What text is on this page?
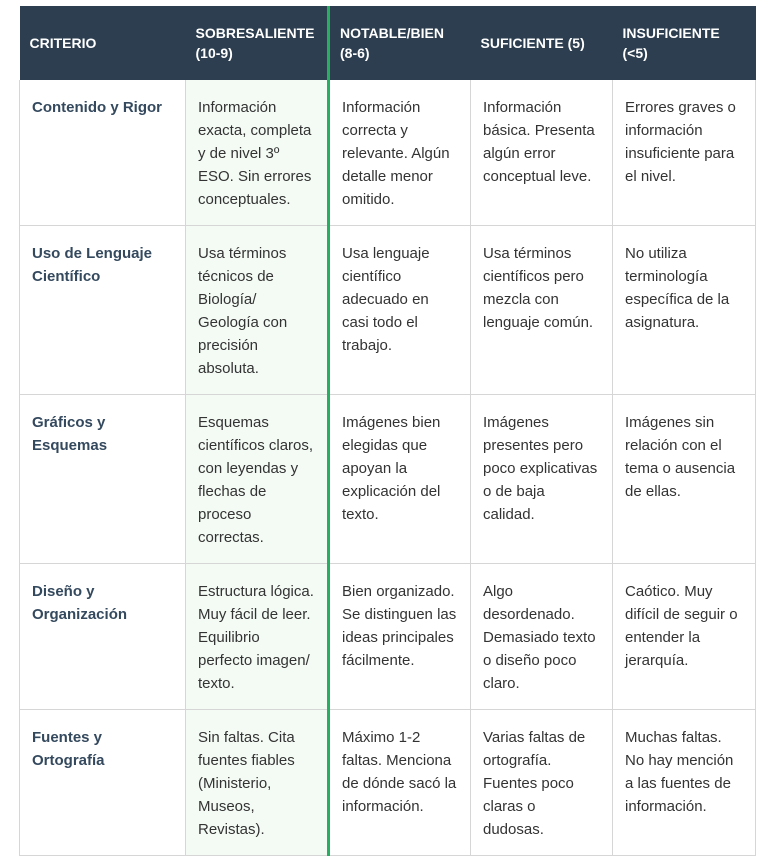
CRITERIO	SOBRESALIENTE (10-9)	NOTABLE/BIEN (8-6)	SUFICIENTE (5)	INSUFICIENTE (<5)
Contenido y Rigor	Información exacta, completa y de nivel 3º ESO. Sin errores conceptuales.	Información correcta y relevante. Algún detalle menor omitido.	Información básica. Presenta algún error conceptual leve.	Errores graves o información insuficiente para el nivel.
Uso de Lenguaje Científico	Usa términos técnicos de Biología/ Geología con precisión absoluta.	Usa lenguaje científico adecuado en casi todo el trabajo.	Usa términos científicos pero mezcla con lenguaje común.	No utiliza terminología específica de la asignatura.
Gráficos y Esquemas	Esquemas científicos claros, con leyendas y flechas de proceso correctas.	Imágenes bien elegidas que apoyan la explicación del texto.	Imágenes presentes pero poco explicativas o de baja calidad.	Imágenes sin relación con el tema o ausencia de ellas.
Diseño y Organización	Estructura lógica. Muy fácil de leer. Equilibrio perfecto imagen/ texto.	Bien organizado. Se distinguen las ideas principales fácilmente.	Algo desordenado. Demasiado texto o diseño poco claro.	Caótico. Muy difícil de seguir o entender la jerarquía.
Fuentes y Ortografía	Sin faltas. Cita fuentes fiables (Ministerio, Museos, Revistas).	Máximo 1-2 faltas. Menciona de dónde sacó la información.	Varias faltas de ortografía. Fuentes poco claras o dudosas.	Muchas faltas. No hay mención a las fuentes de información.
